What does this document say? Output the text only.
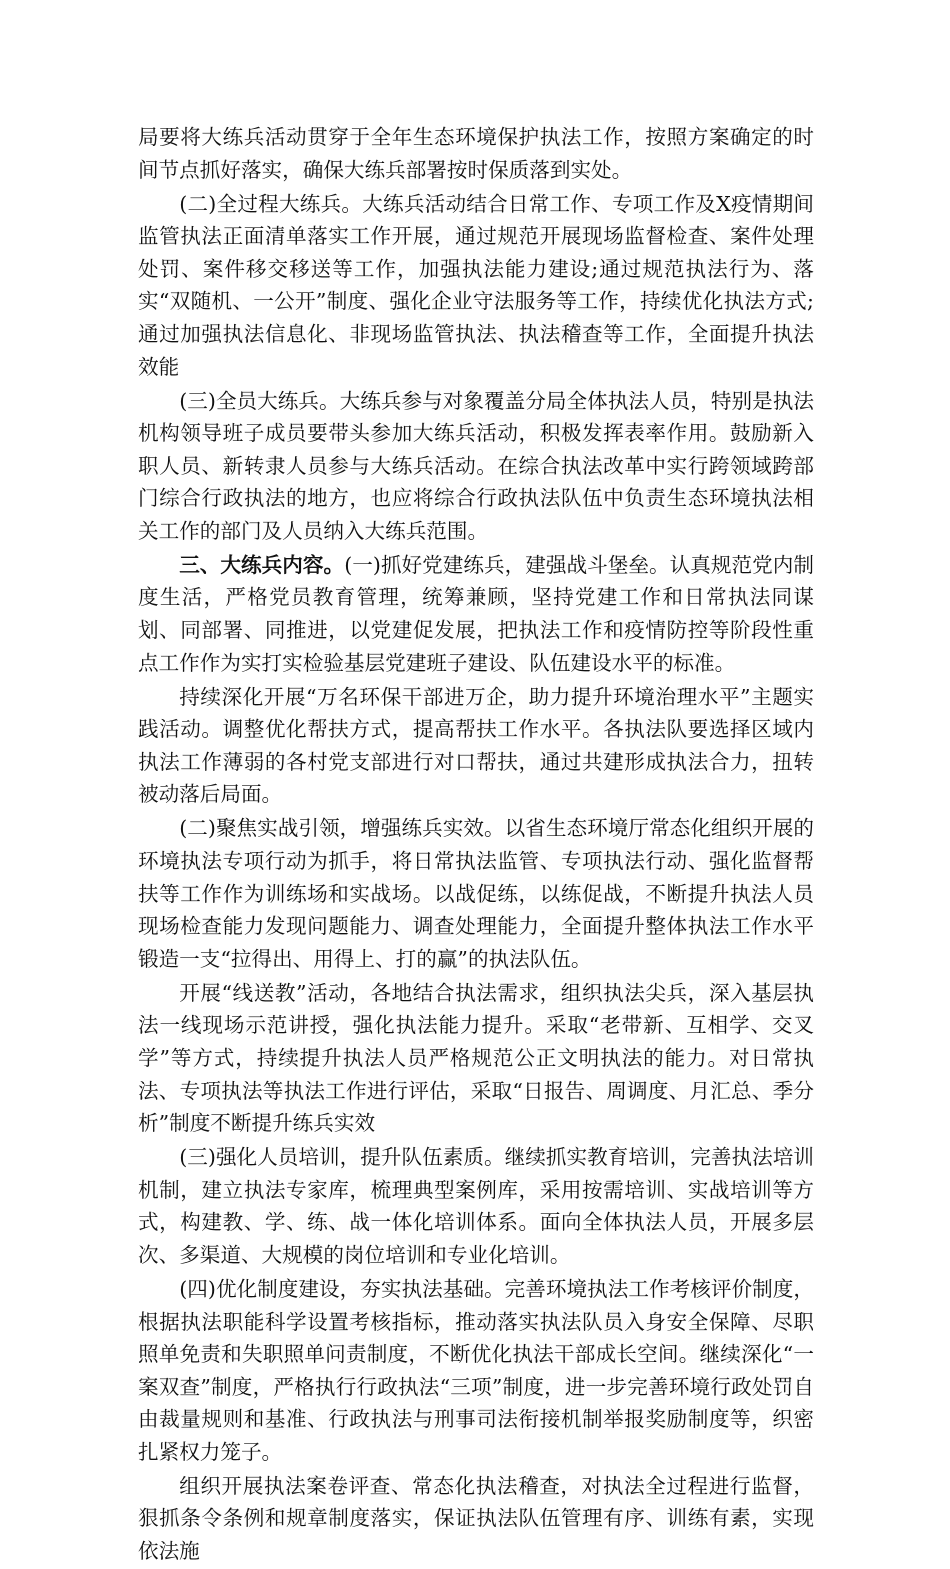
局要将大练兵活动贯穿于全年生态环境保护执法工作，按照方案确定的时间节点抓好落实，确保大练兵部署按时保质落到实处。

(二)全过程大练兵。大练兵活动结合日常工作、专项工作及X疫情期间监管执法正面清单落实工作开展，通过规范开展现场监督检查、案件处理处罚、案件移交移送等工作，加强执法能力建设;通过规范执法行为、落实“双随机、一公开”制度、强化企业守法服务等工作，持续优化执法方式;通过加强执法信息化、非现场监管执法、执法稽查等工作，全面提升执法效能

(三)全员大练兵。大练兵参与对象覆盖分局全体执法人员，特别是执法机构领导班子成员要带头参加大练兵活动，积极发挥表率作用。鼓励新入职人员、新转隶人员参与大练兵活动。在综合执法改革中实行跨领域跨部门综合行政执法的地方，也应将综合行政执法队伍中负责生态环境执法相关工作的部门及人员纳入大练兵范围。

三、大练兵内容。(一)抓好党建练兵，建强战斗堡垒。认真规范党内制度生活，严格党员教育管理，统筹兼顾，坚持党建工作和日常执法同谋划、同部署、同推进，以党建促发展，把执法工作和疫情防控等阶段性重点工作作为实打实检验基层党建班子建设、队伍建设水平的标准。

持续深化开展“万名环保干部进万企，助力提升环境治理水平”主题实践活动。调整优化帮扶方式，提高帮扶工作水平。各执法队要选择区域内执法工作薄弱的各村党支部进行对口帮扶，通过共建形成执法合力，扭转被动落后局面。

(二)聚焦实战引领，增强练兵实效。以省生态环境厅常态化组织开展的环境执法专项行动为抓手，将日常执法监管、专项执法行动、强化监督帮扶等工作作为训练场和实战场。以战促练，以练促战，不断提升执法人员现场检查能力发现问题能力、调查处理能力，全面提升整体执法工作水平锻造一支“拉得出、用得上、打的赢”的执法队伍。

开展“线送教”活动，各地结合执法需求，组织执法尖兵，深入基层执法一线现场示范讲授，强化执法能力提升。采取“老带新、互相学、交叉学”等方式，持续提升执法人员严格规范公正文明执法的能力。对日常执法、专项执法等执法工作进行评估，采取“日报告、周调度、月汇总、季分析”制度不断提升练兵实效

(三)强化人员培训，提升队伍素质。继续抓实教育培训，完善执法培训机制，建立执法专家库，梳理典型案例库，采用按需培训、实战培训等方式，构建教、学、练、战一体化培训体系。面向全体执法人员，开展多层次、多渠道、大规模的岗位培训和专业化培训。

(四)优化制度建设，夯实执法基础。完善环境执法工作考核评价制度，根据执法职能科学设置考核指标，推动落实执法队员入身安全保障、尽职照单免责和失职照单问责制度，不断优化执法干部成长空间。继续深化“一案双查”制度，严格执行行政执法“三项”制度，进一步完善环境行政处罚自由裁量规则和基准、行政执法与刑事司法衔接机制举报奖励制度等，织密扎紧权力笼子。

组织开展执法案卷评查、常态化执法稽查，对执法全过程进行监督，狠抓条令条例和规章制度落实，保证执法队伍管理有序、训练有素，实现依法施
